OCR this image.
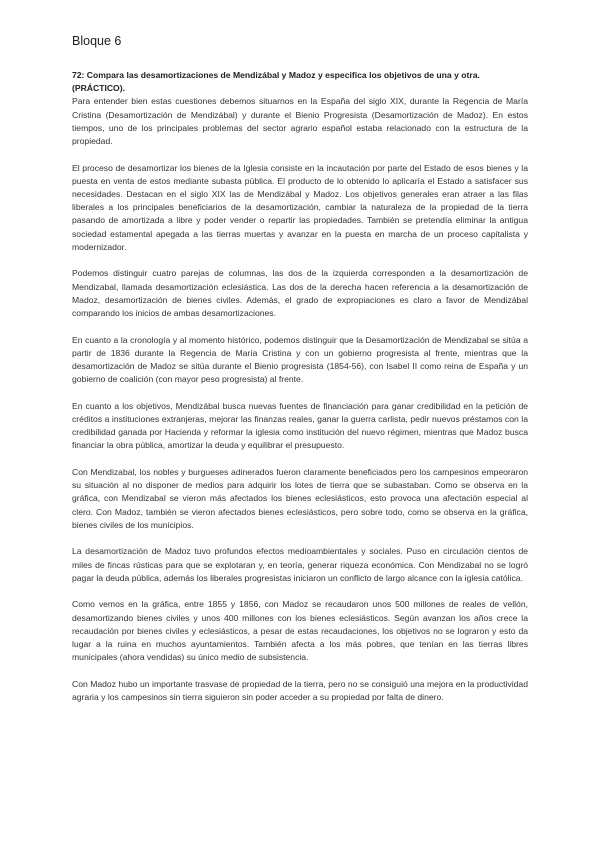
Bloque 6
72: Compara las desamortizaciones de Mendizábal y Madoz y especifica los objetivos de una y otra. (PRÁCTICO).

Para entender bien estas cuestiones debemos situarnos en la España del siglo XIX, durante la Regencia de María Cristina (Desamortización de Mendizábal) y durante el Bienio Progresista (Desamortización de Madoz). En estos tiempos, uno de los principales problemas del sector agrario español estaba relacionado con la estructura de la propiedad.

El proceso de desamortizar los bienes de la Iglesia consiste en la incautación por parte del Estado de esos bienes y la puesta en venta de estos mediante subasta pública. El producto de lo obtenido lo aplicaría el Estado a satisfacer sus necesidades. Destacan en el siglo XIX las de Mendizábal y Madoz. Los objetivos generales eran atraer a las filas liberales a los principales beneficiarios de la desamortización, cambiar la naturaleza de la propiedad de la tierra pasando de amortizada a libre y poder vender o repartir las propiedades. También se pretendía eliminar la antigua sociedad estamental apegada a las tierras muertas y avanzar en la puesta en marcha de un proceso capitalista y modernizador.

Podemos distinguir cuatro parejas de columnas, las dos de la izquierda corresponden a la desamortización de Mendizabal, llamada desamortización eclesiástica. Las dos de la derecha hacen referencia a la desamortización de Madoz, desamortización de bienes civiles. Además, el grado de expropiaciones es claro a favor de Mendizábal comparando los inicios de ambas desamortizaciones.

En cuanto a la cronología y al momento histórico, podemos distinguir que la Desamortización de Mendizabal se sitúa a partir de 1836 durante la Regencia de María Cristina y con un gobierno progresista al frente, mientras que la desamortización de Madoz se sitúa durante el Bienio progresista (1854-56), con Isabel II como reina de España y un gobierno de coalición (con mayor peso progresista) al frente.

En cuanto a los objetivos, Mendizábal busca nuevas fuentes de financiación para ganar credibilidad en la petición de créditos a instituciones extranjeras, mejorar las finanzas reales, ganar la guerra carlista, pedir nuevos préstamos con la credibilidad ganada por Hacienda y reformar la iglesia como institución del nuevo régimen, mientras que Madoz busca financiar la obra pública, amortizar la deuda y equilibrar el presupuesto.

Con Mendizabal, los nobles y burgueses adinerados fueron claramente beneficiados pero los campesinos empeoraron su situación al no disponer de medios para adquirir los lotes de tierra que se subastaban. Como se observa en la gráfica, con Mendizabal se vieron más afectados los bienes eclesiásticos, esto provoca una afectación especial al clero. Con Madoz, también se vieron afectados bienes eclesiásticos, pero sobre todo, como se observa en la gráfica, bienes civiles de los municipios.

La desamortización de Madoz tuvo profundos efectos medioambientales y sociales. Puso en circulación cientos de miles de fincas rústicas para que se explotaran y, en teoría, generar riqueza económica. Con Mendizabal no se logró pagar la deuda pública, además los liberales progresistas iniciaron un conflicto de largo alcance con la iglesia católica.

Como vemos en la gráfica, entre 1855 y 1856, con Madoz se recaudaron unos 500 millones de reales de vellón, desamortizando bienes civiles y unos 400 millones con los bienes eclesiásticos. Según avanzan los años crece la recaudación por bienes civiles y eclesiásticos, a pesar de estas recaudaciones, los objetivos no se lograron y esto da lugar a la ruina en muchos ayuntamientos. También afecta a los más pobres, que tenían en las tierras libres municipales (ahora vendidas) su único medio de subsistencia.

Con Madoz hubo un importante trasvase de propiedad de la tierra, pero no se consiguió una mejora en la productividad agraria y los campesinos sin tierra siguieron sin poder acceder a su propiedad por falta de dinero.
